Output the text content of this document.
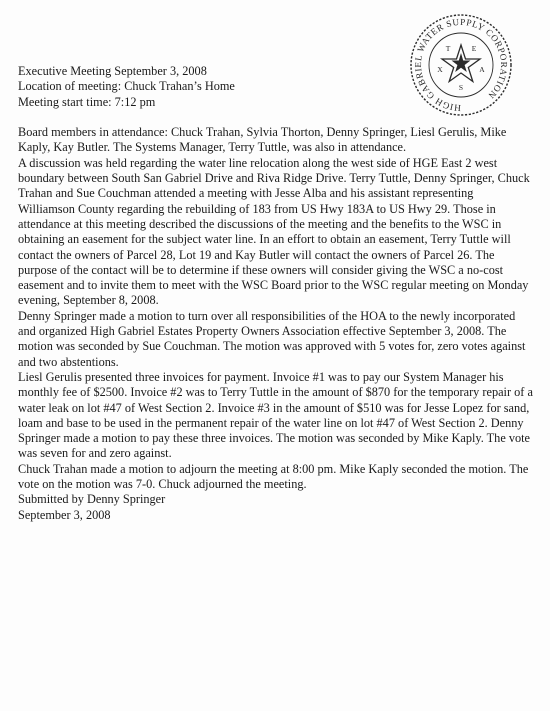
HIGH GABRIEL WATER SUPPLY CORPORATION
T	E
X	A
S

Executive Meeting September 3, 2008

Location of meeting: Chuck Trahan’s Home

Meeting start time: 7:12 pm

Board members in attendance: Chuck Trahan, Sylvia Thorton, Denny Springer, Liesl Gerulis, Mike Kaply, Kay Butler. The Systems Manager, Terry Tuttle, was also in attendance.

A discussion was held regarding the water line relocation along the west side of HGE East 2 west boundary between South San Gabriel Drive and Riva Ridge Drive. Terry Tuttle, Denny Springer, Chuck Trahan and Sue Couchman attended a meeting with Jesse Alba and his assistant representing Williamson County regarding the rebuilding of 183 from US Hwy 183A to US Hwy 29. Those in attendance at this meeting described the discussions of the meeting and the benefits to the WSC in obtaining an easement for the subject water line. In an effort to obtain an easement, Terry Tuttle will contact the owners of Parcel 28, Lot 19 and Kay Butler will contact the owners of Parcel 26. The purpose of the contact will be to determine if these owners will consider giving the WSC a no-cost easement and to invite them to meet with the WSC Board prior to the WSC regular meeting on Monday evening, September 8, 2008.

Denny Springer made a motion to turn over all responsibilities of the HOA to the newly incorporated and organized High Gabriel Estates Property Owners Association effective September 3, 2008. The motion was seconded by Sue Couchman. The motion was approved with 5 votes for, zero votes against and two abstentions.

Liesl Gerulis presented three invoices for payment. Invoice #1 was to pay our System Manager his monthly fee of $2500. Invoice #2 was to Terry Tuttle in the amount of $870 for the temporary repair of a water leak on lot #47 of West Section 2. Invoice #3 in the amount of $510 was for Jesse Lopez for sand, loam and base to be used in the permanent repair of the water line on lot #47 of West Section 2. Denny Springer made a motion to pay these three invoices. The motion was seconded by Mike Kaply. The vote was seven for and zero against.

Chuck Trahan made a motion to adjourn the meeting at 8:00 pm. Mike Kaply seconded the motion. The vote on the motion was 7-0. Chuck adjourned the meeting.

Submitted by Denny Springer

September 3, 2008
